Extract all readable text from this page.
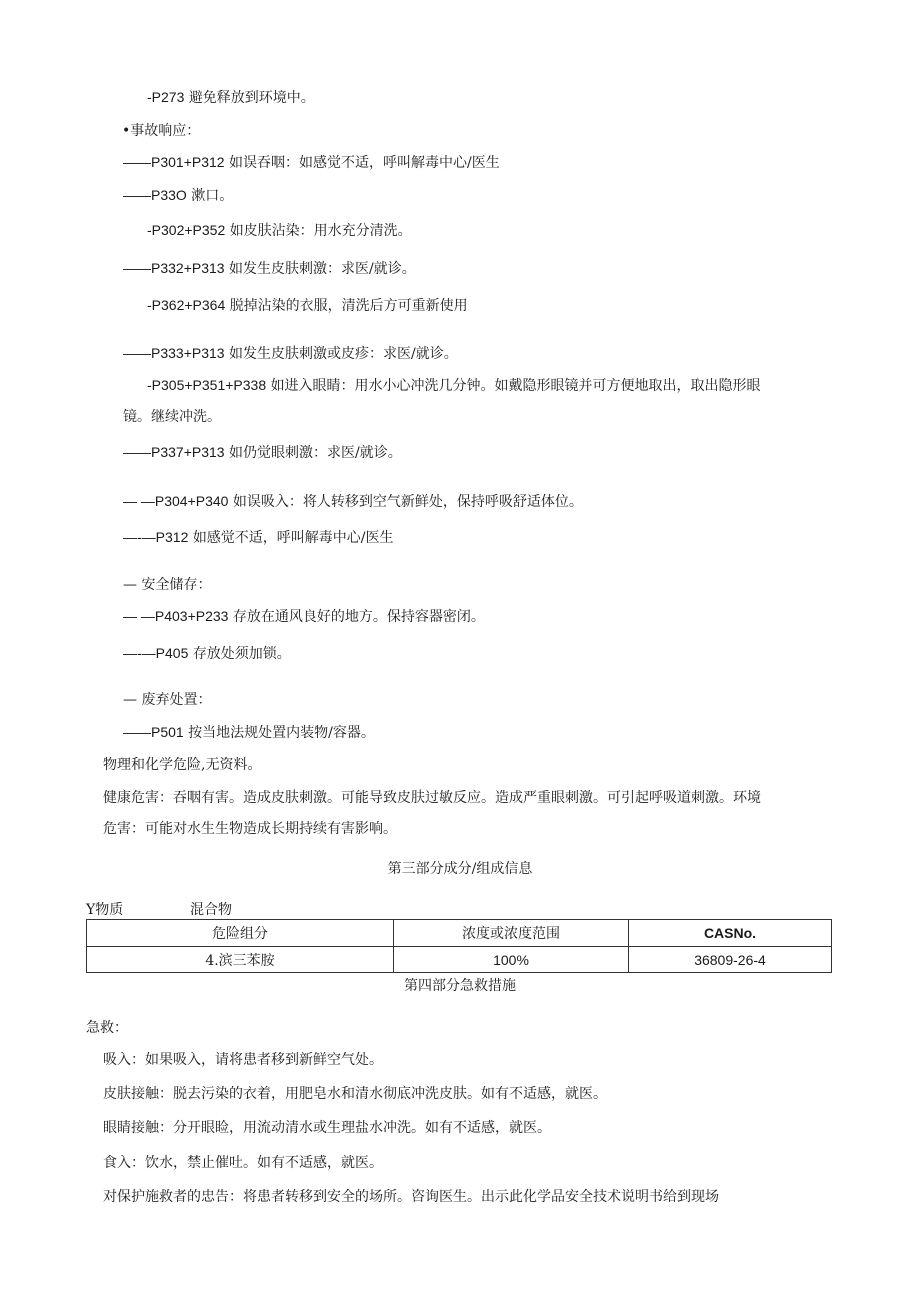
-P273 避免释放到环境中。
•事故响应：
——P301+P312 如误吞咽：如感觉不适，呼叫解毒中心/医生
——P33O 漱口。
-P302+P352 如皮肤沾染：用水充分清洗。
——P332+P313 如发生皮肤刺激：求医/就诊。
-P362+P364 脱掉沾染的衣服，清洗后方可重新使用
——P333+P313 如发生皮肤刺激或皮疹：求医/就诊。
-P305+P351+P338 如进入眼睛：用水小心冲洗几分钟。如戴隐形眼镜并可方便地取出，取出隐形眼
镜。继续冲洗。
——P337+P313 如仍觉眼刺激：求医/就诊。
— —P304+P340 如误吸入：将人转移到空气新鲜处，保持呼吸舒适体位。
—-—P312 如感觉不适，呼叫解毒中心/医生
— 安全储存：
— —P403+P233 存放在通风良好的地方。保持容器密闭。
—-—P405 存放处须加锁。
— 废弃处置：
——P501 按当地法规处置内装物/容器。
物理和化学危险,无资料。
健康危害：吞咽有害。造成皮肤刺激。可能导致皮肤过敏反应。造成严重眼刺激。可引起呼吸道刺激。环境
危害：可能对水生生物造成长期持续有害影响。
第三部分成分/组成信息
Y物质	混合物
危险组分	浓度或浓度范围	CASNo.
4.滨三苯胺	100%	36809-26-4
第四部分急救措施
急救：
吸入：如果吸入，请将患者移到新鲜空气处。
皮肤接触：脱去污染的衣着，用肥皂水和清水彻底冲洗皮肤。如有不适感，就医。
眼睛接触：分开眼睑，用流动清水或生理盐水冲洗。如有不适感，就医。
食入：饮水，禁止催吐。如有不适感，就医。
对保护施救者的忠告：将患者转移到安全的场所。咨询医生。出示此化学品安全技术说明书给到现场
